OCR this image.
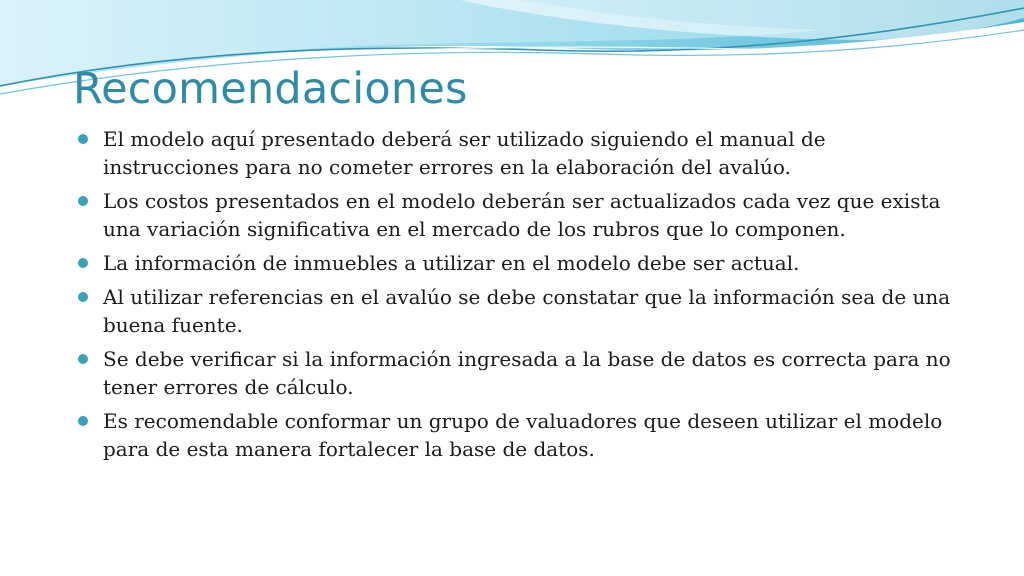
Recomendaciones
El modelo aquí presentado deberá ser utilizado siguiendo el manual de instrucciones para no cometer errores en la elaboración del avalúo.
Los costos presentados en el modelo deberán ser actualizados cada vez que exista una variación significativa en el mercado de los rubros que lo componen.
La información de inmuebles a utilizar en el modelo debe ser actual.
Al utilizar referencias en el avalúo se debe constatar que la información sea de una buena fuente.
Se debe verificar si la información ingresada a la base de datos es correcta para no tener errores de cálculo.
Es recomendable conformar un grupo de valuadores que deseen utilizar el modelo para de esta manera fortalecer la base de datos.
